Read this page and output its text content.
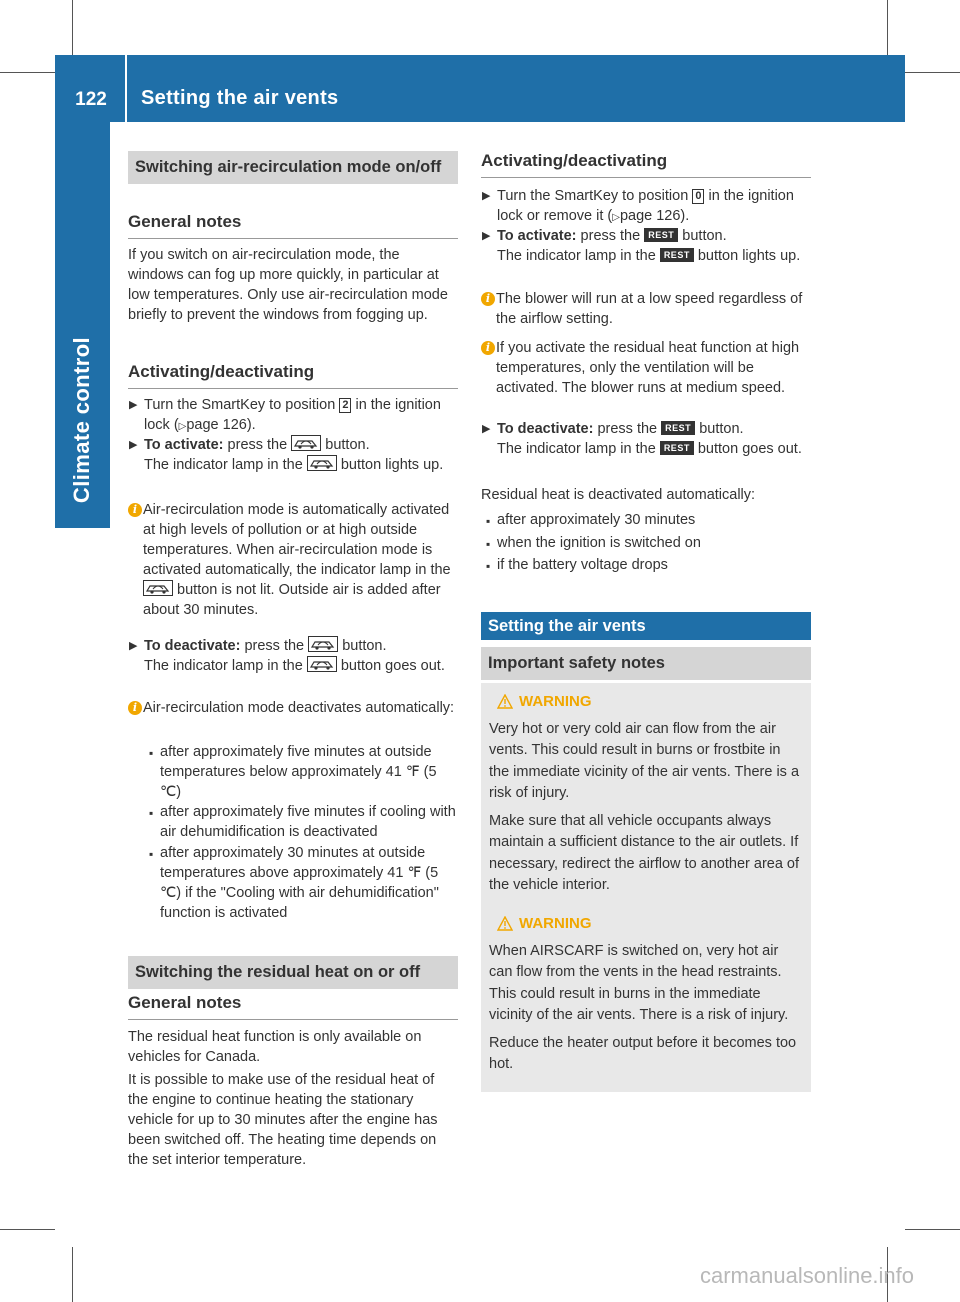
122	Setting the air vents
Climate control
Switching air-recirculation mode on/off
General notes

If you switch on air-recirculation mode, the windows can fog up more quickly, in particular at low temperatures. Only use air-recirculation mode briefly to prevent the windows from fogging up.

Activating/deactivating
▶ Turn the SmartKey to position 2 in the ignition lock (▷page 126).
▶ To activate: press the	button.
The indicator lamp in the	button lights up.
i Air-recirculation mode is automatically activated at high levels of pollution or at high outside temperatures. When air-recirculation mode is activated automatically, the indicator lamp in the
button is not lit. Outside air is added after about 30 minutes.
▶ To deactivate: press the	button.
The indicator lamp in the	button goes out.
i Air-recirculation mode deactivates automatically:
▪ after approximately five minutes at outside temperatures below approximately 41 ℉ (5 ℃)
▪ after approximately five minutes if cooling with air dehumidification is deactivated
▪ after approximately 30 minutes at outside temperatures above approximately 41 ℉ (5 ℃) if the "Cooling with air dehumidification" function is activated
Switching the residual heat on or off
General notes

The residual heat function is only available on vehicles for Canada.

It is possible to make use of the residual heat of the engine to continue heating the stationary vehicle for up to 30 minutes after the engine has been switched off. The heating time depends on the set interior temperature.

Activating/deactivating
▶ Turn the SmartKey to position 0 in the ignition lock or remove it (▷page 126).
▶ To activate: press the REST button.
The indicator lamp in the REST button lights up.
i The blower will run at a low speed regardless of the airflow setting.
i If you activate the residual heat function at high temperatures, only the ventilation will be activated. The blower runs at medium speed.
▶ To deactivate: press the REST button.
The indicator lamp in the REST button goes out.

Residual heat is deactivated automatically:

▪ after approximately 30 minutes
▪ when the ignition is switched on
▪ if the battery voltage drops
Setting the air vents
Important safety notes
WARNING

Very hot or very cold air can flow from the air vents. This could result in burns or frostbite in the immediate vicinity of the air vents. There is a risk of injury.

Make sure that all vehicle occupants always maintain a sufficient distance to the air outlets. If necessary, redirect the airflow to another area of the vehicle interior.

WARNING

When AIRSCARF is switched on, very hot air can flow from the vents in the head restraints. This could result in burns in the immediate vicinity of the air vents. There is a risk of injury.

Reduce the heater output before it becomes too hot.

carmanualsonline.info
